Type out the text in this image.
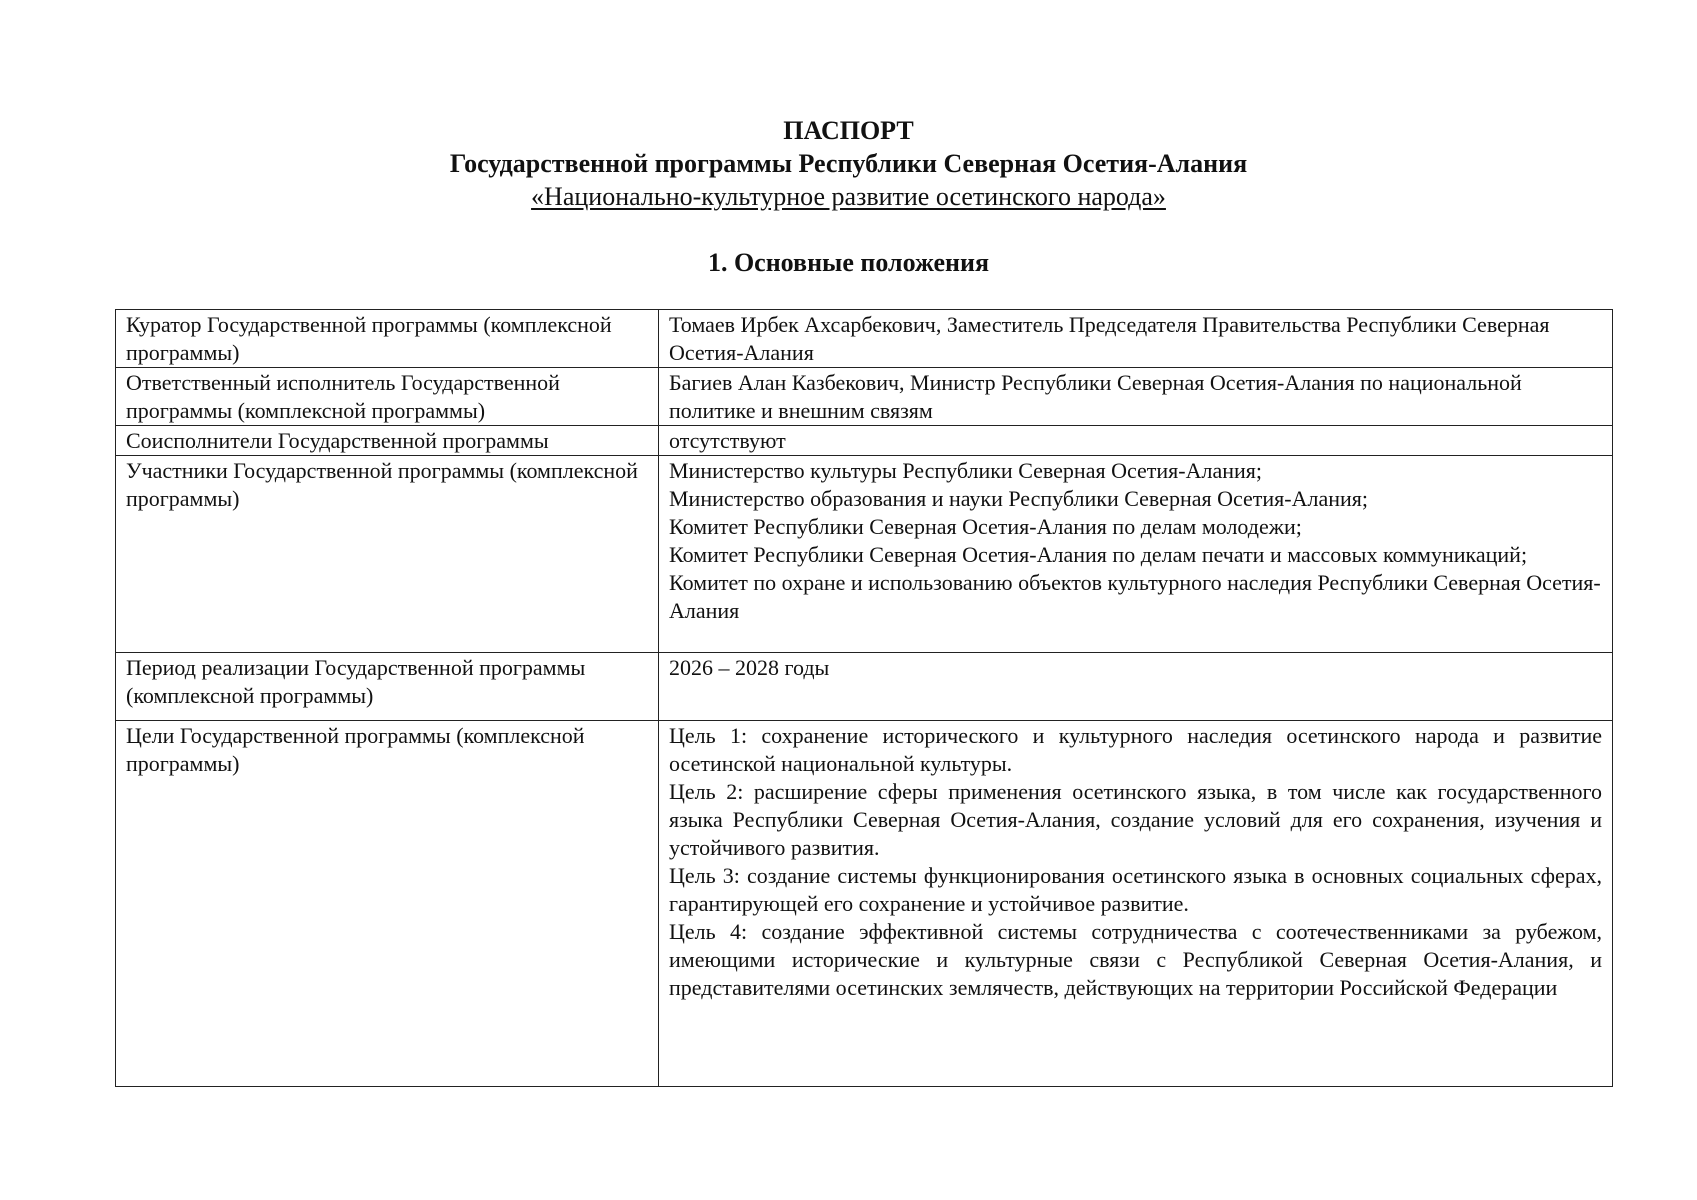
ПАСПОРТ
Государственной программы Республики Северная Осетия-Алания
«Национально-культурное развитие осетинского народа»
1. Основные положения
Куратор Государственной программы (комплексной программы)	Томаев Ирбек Ахсарбекович, Заместитель Председателя Правительства Республики Северная Осетия-Алания

Ответственный исполнитель Государственной программы (комплексной программы)	Багиев Алан Казбекович, Министр Республики Северная Осетия-Алания по национальной политике и внешним связям

Соисполнители Государственной программы	отсутствуют

Участники Государственной программы (комплексной программы)	Министерство культуры Республики Северная Осетия-Алания;
Министерство образования и науки Республики Северная Осетия-Алания;
Комитет Республики Северная Осетия-Алания по делам молодежи;
Комитет Республики Северная Осетия-Алания по делам печати и массовых коммуникаций;
Комитет по охране и использованию объектов культурного наследия Республики Северная Осетия-Алания

Период реализации Государственной программы (комплексной программы)	2026 – 2028 годы

Цели Государственной программы (комплексной программы)	Цель 1: сохранение исторического и культурного наследия осетинского народа и развитие осетинской национальной культуры.
Цель 2: расширение сферы применения осетинского языка, в том числе как государственного языка Республики Северная Осетия-Алания, создание условий для его сохранения, изучения и устойчивого развития.
Цель 3: создание системы функционирования осетинского языка в основных социальных сферах, гарантирующей его сохранение и устойчивое развитие.
Цель 4: создание эффективной системы сотрудничества с соотечественниками за рубежом, имеющими исторические и культурные связи с Республикой Северная Осетия-Алания, и представителями осетинских землячеств, действующих на территории Российской Федерации
